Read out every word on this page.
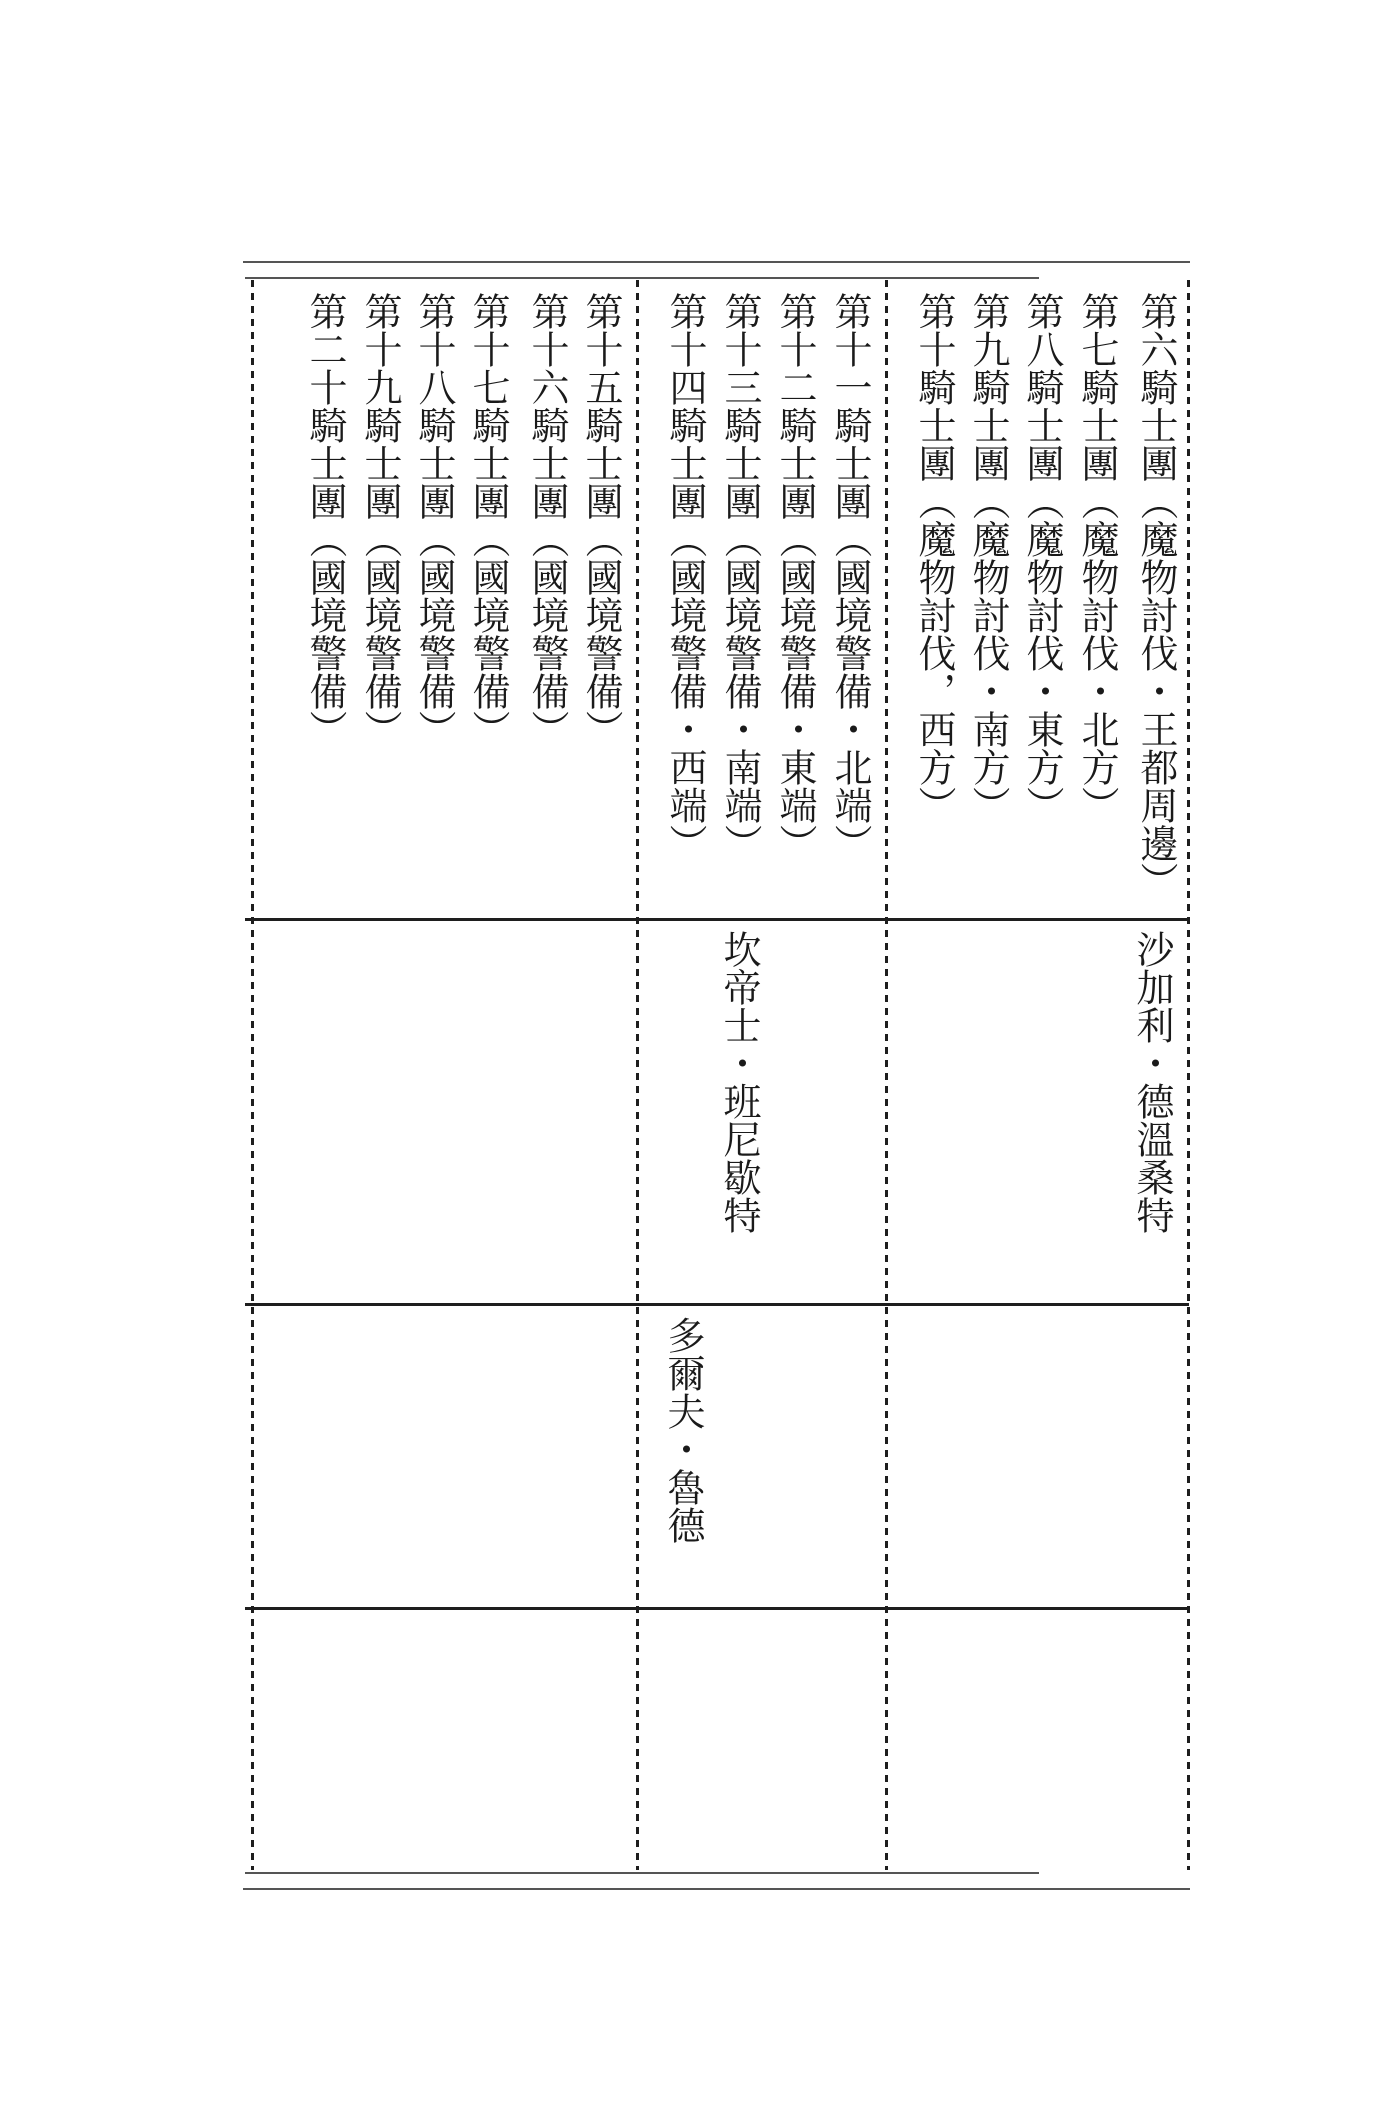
第六騎士團（魔物討伐・王都周邊）
第七騎士團（魔物討伐・北方）
第八騎士團（魔物討伐・東方）
第九騎士團（魔物討伐・南方）
第十騎士團（魔物討伐，西方）
第十一騎士團（國境警備・北端）
第十二騎士團（國境警備・東端）
第十三騎士團（國境警備・南端）
第十四騎士團（國境警備・西端）
第十五騎士團（國境警備）
第十六騎士團（國境警備）
第十七騎士團（國境警備）
第十八騎士團（國境警備）
第十九騎士團（國境警備）
第二十騎士團（國境警備）
沙加利・德溫桑特
坎帝士・班尼歇特
多爾夫・魯德
